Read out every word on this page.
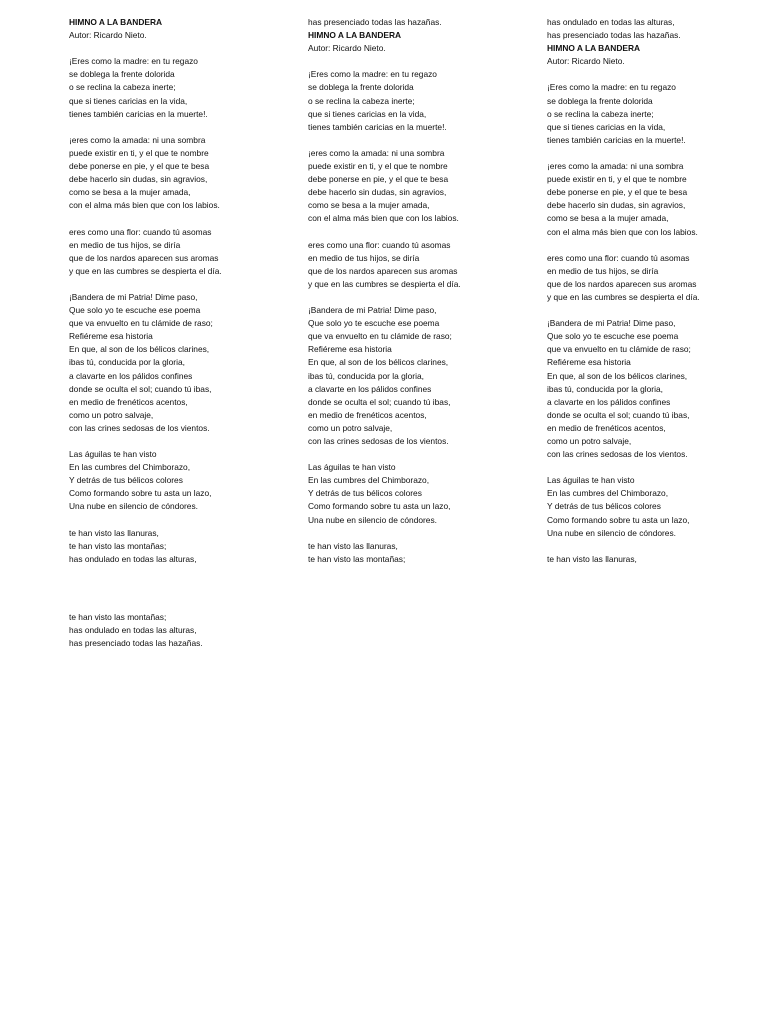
HIMNO A LA BANDERA
Autor: Ricardo Nieto.
¡Eres como la madre: en tu regazo
se doblega la frente dolorida
o se reclina la cabeza inerte;
que si tienes caricias en la vida,
tienes también caricias en la muerte!.
¡eres como la amada: ni una sombra
puede existir en ti, y el que te nombre
debe ponerse en pie, y el que te besa
debe hacerlo sin dudas, sin agravios,
como se besa a la mujer amada,
con el alma más bien que con los labios.
eres como una flor: cuando tú asomas
en medio de tus hijos, se diría
que de los nardos aparecen sus aromas
y que en las cumbres se despierta el día.
¡Bandera de mi Patria! Dime paso,
Que solo yo te escuche ese poema
que va envuelto en tu clámide de raso;
Refiéreme esa historia
En que, al son de los bélicos clarines,
ibas tú, conducida por la gloria,
a clavarte en los pálidos confines
donde se oculta el sol; cuando tú ibas,
en medio de frenéticos acentos,
como un potro salvaje,
con las crines sedosas de los vientos.
Las águilas te han visto
En las cumbres del Chimborazo,
Y detrás de tus bélicos colores
Como formando sobre tu asta un lazo,
Una nube en silencio de cóndores.
te han visto las llanuras,
te han visto las montañas;
has ondulado en todas las alturas,
te han visto las montañas;
has ondulado en todas las alturas,
has presenciado todas las hazañas.
has presenciado todas las hazañas.
HIMNO A LA BANDERA
Autor: Ricardo Nieto.
¡Eres como la madre: en tu regazo
se doblega la frente dolorida
o se reclina la cabeza inerte;
que si tienes caricias en la vida,
tienes también caricias en la muerte!.
¡eres como la amada: ni una sombra
puede existir en ti, y el que te nombre
debe ponerse en pie, y el que te besa
debe hacerlo sin dudas, sin agravios,
como se besa a la mujer amada,
con el alma más bien que con los labios.
eres como una flor: cuando tú asomas
en medio de tus hijos, se diría
que de los nardos aparecen sus aromas
y que en las cumbres se despierta el día.
¡Bandera de mi Patria! Dime paso,
Que solo yo te escuche ese poema
que va envuelto en tu clámide de raso;
Refiéreme esa historia
En que, al son de los bélicos clarines,
ibas tú, conducida por la gloria,
a clavarte en los pálidos confines
donde se oculta el sol; cuando tú ibas,
en medio de frenéticos acentos,
como un potro salvaje,
con las crines sedosas de los vientos.
Las águilas te han visto
En las cumbres del Chimborazo,
Y detrás de tus bélicos colores
Como formando sobre tu asta un lazo,
Una nube en silencio de cóndores.
te han visto las llanuras,
te han visto las montañas;
has ondulado en todas las alturas,
has presenciado todas las hazañas.
HIMNO A LA BANDERA
Autor: Ricardo Nieto.
¡Eres como la madre: en tu regazo
se doblega la frente dolorida
o se reclina la cabeza inerte;
que si tienes caricias en la vida,
tienes también caricias en la muerte!.
¡eres como la amada: ni una sombra
puede existir en ti, y el que te nombre
debe ponerse en pie, y el que te besa
debe hacerlo sin dudas, sin agravios,
como se besa a la mujer amada,
con el alma más bien que con los labios.
eres como una flor: cuando tú asomas
en medio de tus hijos, se diría
que de los nardos aparecen sus aromas
y que en las cumbres se despierta el día.
¡Bandera de mi Patria! Dime paso,
Que solo yo te escuche ese poema
que va envuelto en tu clámide de raso;
Refiéreme esa historia
En que, al son de los bélicos clarines,
ibas tú, conducida por la gloria,
a clavarte en los pálidos confines
donde se oculta el sol; cuando tú ibas,
en medio de frenéticos acentos,
como un potro salvaje,
con las crines sedosas de los vientos.
Las águilas te han visto
En las cumbres del Chimborazo,
Y detrás de tus bélicos colores
Como formando sobre tu asta un lazo,
Una nube en silencio de cóndores.
te han visto las llanuras,
